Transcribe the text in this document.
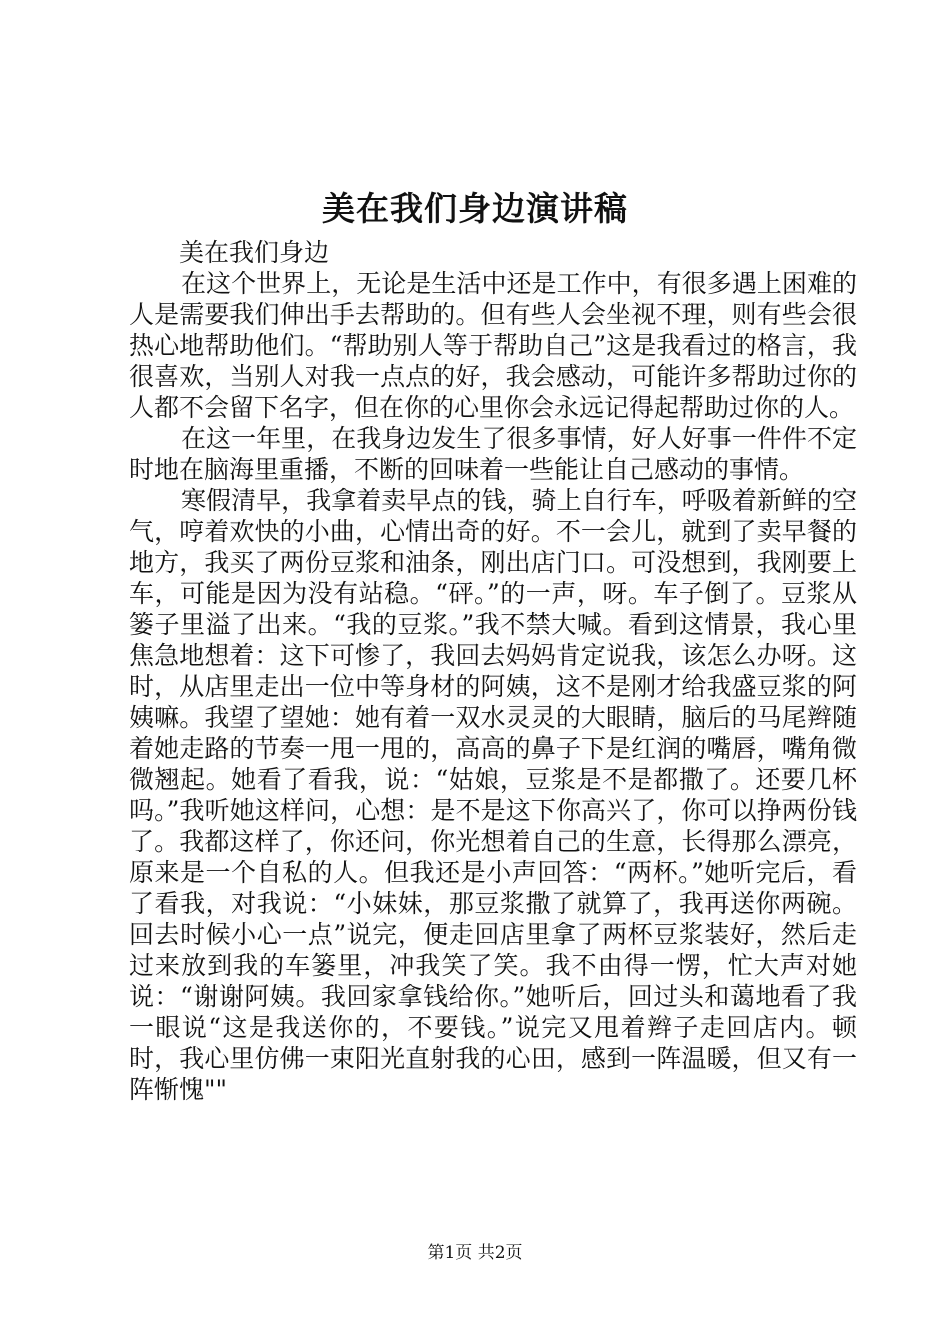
美在我们身边演讲稿

美在我们身边

在这个世界上，无论是生活中还是工作中，有很多遇上困难的人是需要我们伸出手去帮助的。但有些人会坐视不理，则有些会很热心地帮助他们。“帮助别人等于帮助自己”这是我看过的格言，我很喜欢，当别人对我一点点的好，我会感动，可能许多帮助过你的人都不会留下名字，但在你的心里你会永远记得起帮助过你的人。

在这一年里，在我身边发生了很多事情，好人好事一件件不定时地在脑海里重播，不断的回味着一些能让自己感动的事情。

寒假清早，我拿着卖早点的钱，骑上自行车，呼吸着新鲜的空气，哼着欢快的小曲，心情出奇的好。不一会儿，就到了卖早餐的地方，我买了两份豆浆和油条，刚出店门口。可没想到，我刚要上车，可能是因为没有站稳。“砰。”的一声，呀。车子倒了。豆浆从篓子里溢了出来。“我的豆浆。”我不禁大喊。看到这情景，我心里焦急地想着：这下可惨了，我回去妈妈肯定说我，该怎么办呀。这时，从店里走出一位中等身材的阿姨，这不是刚才给我盛豆浆的阿姨嘛。我望了望她：她有着一双水灵灵的大眼睛，脑后的马尾辫随着她走路的节奏一甩一甩的，高高的鼻子下是红润的嘴唇，嘴角微微翘起。她看了看我，说：“姑娘，豆浆是不是都撒了。还要几杯吗。”我听她这样问，心想：是不是这下你高兴了，你可以挣两份钱了。我都这样了，你还问，你光想着自己的生意，长得那么漂亮，原来是一个自私的人。但我还是小声回答：“两杯。”她听完后，看了看我，对我说：“小妹妹，那豆浆撒了就算了，我再送你两碗。回去时候小心一点”说完，便走回店里拿了两杯豆浆装好，然后走过来放到我的车篓里，冲我笑了笑。我不由得一愣，忙大声对她说：“谢谢阿姨。我回家拿钱给你。”她听后，回过头和蔼地看了我一眼说“这是我送你的，不要钱。”说完又甩着辫子走回店内。顿时，我心里仿佛一束阳光直射我的心田，感到一阵温暖，但又有一阵惭愧""

第1页 共2页
